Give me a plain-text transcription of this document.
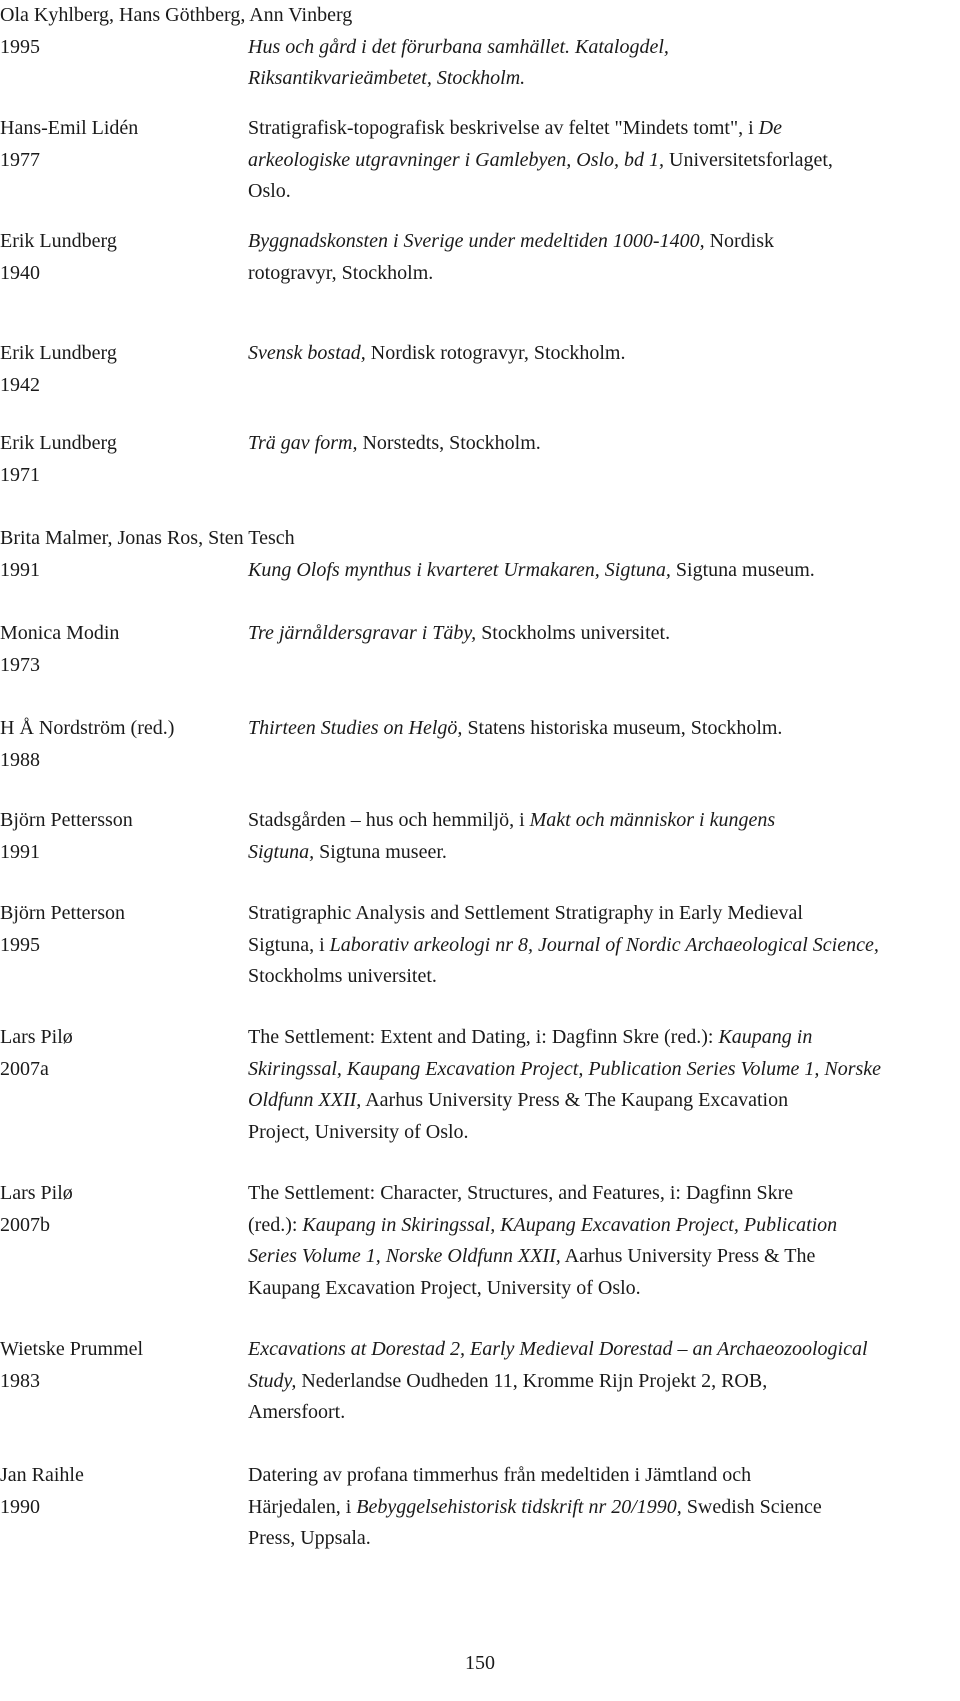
Ola Kyhlberg, Hans Göthberg, Ann Vinberg
1995	Hus och gård i det förurbana samhället. Katalogdel,
Riksantikvarieämbetet, Stockholm.
Hans-Emil Lidén
1977
Stratigrafisk-topografisk beskrivelse av feltet "Mindets tomt", i De
arkeologiske utgravninger i Gamlebyen, Oslo, bd 1, Universitetsforlaget,
Oslo.
Erik Lundberg
1940
Byggnadskonsten i Sverige under medeltiden 1000-1400, Nordisk
rotogravyr, Stockholm.
Erik Lundberg
1942
Svensk bostad, Nordisk rotogravyr, Stockholm.
Erik Lundberg
1971
Trä gav form, Norstedts, Stockholm.
Brita Malmer, Jonas Ros, Sten Tesch
1991	Kung Olofs mynthus i kvarteret Urmakaren, Sigtuna, Sigtuna museum.
Monica Modin
1973
Tre järnåldersgravar i Täby, Stockholms universitet.
H Å Nordström (red.)
1988
Thirteen Studies on Helgö, Statens historiska museum, Stockholm.
Björn Pettersson
1991
Stadsgården – hus och hemmiljö, i Makt och människor i kungens
Sigtuna, Sigtuna museer.
Björn Petterson
1995
Stratigraphic Analysis and Settlement Stratigraphy in Early Medieval
Sigtuna, i Laborativ arkeologi nr 8, Journal of Nordic Archaeological Science,
Stockholms universitet.
Lars Pilø
2007a
The Settlement: Extent and Dating, i: Dagfinn Skre (red.): Kaupang in
Skiringssal, Kaupang Excavation Project, Publication Series Volume 1, Norske
Oldfunn XXII, Aarhus University Press & The Kaupang Excavation
Project, University of Oslo.
Lars Pilø
2007b
The Settlement: Character, Structures, and Features, i: Dagfinn Skre
(red.): Kaupang in Skiringssal, KAupang Excavation Project, Publication
Series Volume 1, Norske Oldfunn XXII, Aarhus University Press & The
Kaupang Excavation Project, University of Oslo.
Wietske Prummel
1983
Excavations at Dorestad 2, Early Medieval Dorestad – an Archaeozoological
Study, Nederlandse Oudheden 11, Kromme Rijn Projekt 2, ROB,
Amersfoort.
Jan Raihle
1990
Datering av profana timmerhus från medeltiden i Jämtland och
Härjedalen, i Bebyggelsehistorisk tidskrift nr 20/1990, Swedish Science
Press, Uppsala.
150
